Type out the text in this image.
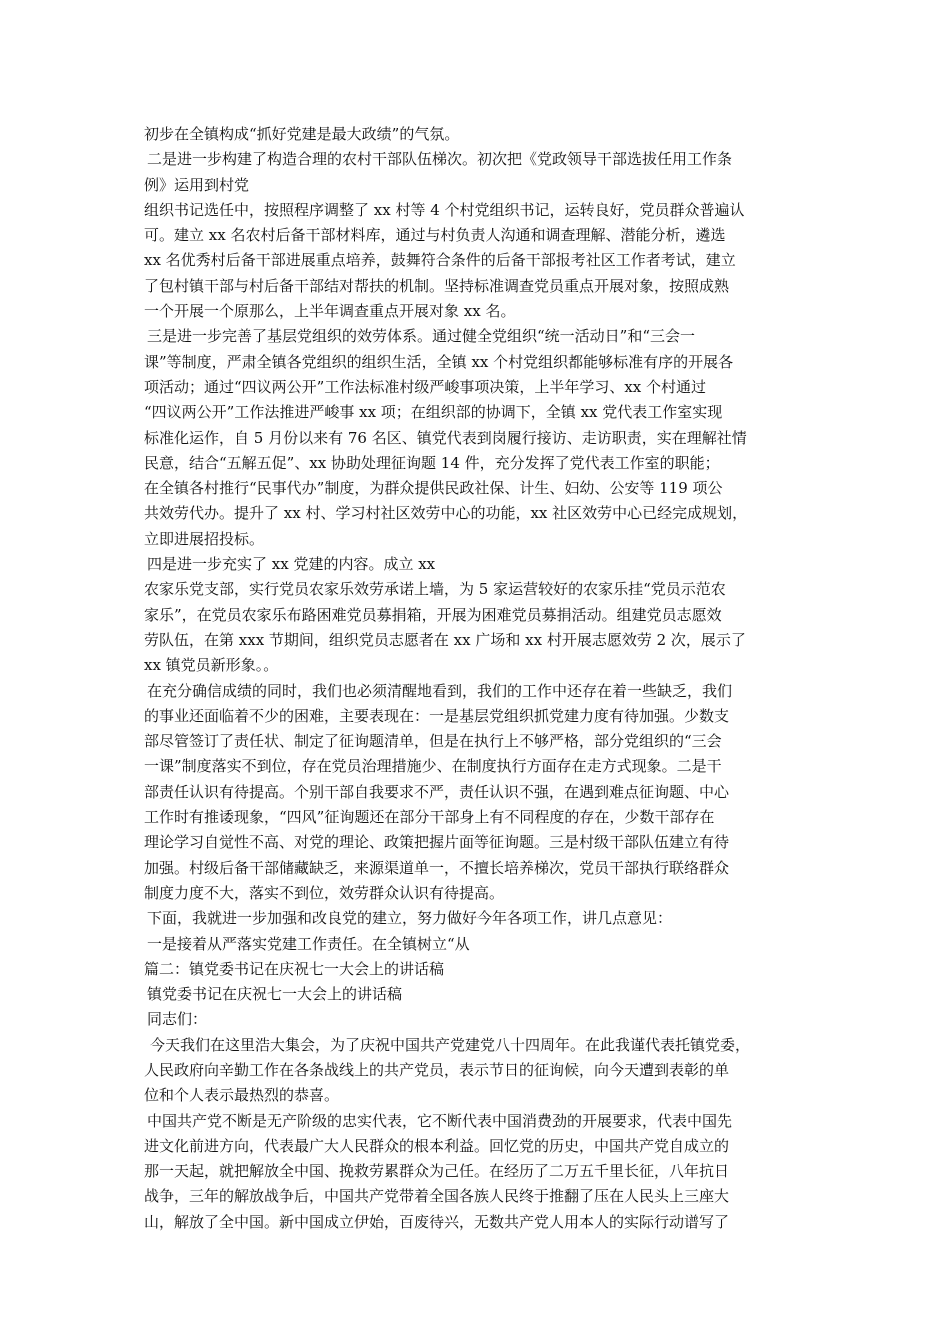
初步在全镇构成“抓好党建是最大政绩”的气氛。
二是进一步构建了构造合理的农村干部队伍梯次。初次把《党政领导干部选拔任用工作条
例》运用到村党
组织书记选任中，按照程序调整了 xx 村等 4 个村党组织书记，运转良好，党员群众普遍认
可。建立 xx 名农村后备干部材料库，通过与村负责人沟通和调查理解、潜能分析，遴选
xx 名优秀村后备干部进展重点培养，鼓舞符合条件的后备干部报考社区工作者考试，建立
了包村镇干部与村后备干部结对帮扶的机制。坚持标准调查党员重点开展对象，按照成熟
一个开展一个原那么，上半年调查重点开展对象 xx 名。
三是进一步完善了基层党组织的效劳体系。通过健全党组织“统一活动日”和“三会一
课”等制度，严肃全镇各党组织的组织生活，全镇 xx 个村党组织都能够标准有序的开展各
项活动；通过“四议两公开”工作法标准村级严峻事项决策，上半年学习、xx 个村通过
“四议两公开”工作法推进严峻事 xx 项；在组织部的协调下，全镇 xx 党代表工作室实现
标准化运作，自 5 月份以来有 76 名区、镇党代表到岗履行接访、走访职责，实在理解社情
民意，结合“五解五促”、xx 协助处理征询题 14 件，充分发挥了党代表工作室的职能；
在全镇各村推行“民事代办”制度，为群众提供民政社保、计生、妇幼、公安等 119 项公
共效劳代办。提升了 xx 村、学习村社区效劳中心的功能，xx 社区效劳中心已经完成规划，
立即进展招投标。
四是进一步充实了 xx 党建的内容。成立 xx
农家乐党支部，实行党员农家乐效劳承诺上墙，为 5 家运营较好的农家乐挂“党员示范农
家乐”，在党员农家乐布路困难党员募捐箱，开展为困难党员募捐活动。组建党员志愿效
劳队伍，在第 xxx 节期间，组织党员志愿者在 xx 广场和 xx 村开展志愿效劳 2 次，展示了
xx 镇党员新形象。。
在充分确信成绩的同时，我们也必须清醒地看到，我们的工作中还存在着一些缺乏，我们
的事业还面临着不少的困难，主要表现在：一是基层党组织抓党建力度有待加强。少数支
部尽管签订了责任状、制定了征询题清单，但是在执行上不够严格，部分党组织的“三会
一课”制度落实不到位，存在党员治理措施少、在制度执行方面存在走方式现象。二是干
部责任认识有待提高。个别干部自我要求不严，责任认识不强，在遇到难点征询题、中心
工作时有推诿现象，“四风”征询题还在部分干部身上有不同程度的存在，少数干部存在
理论学习自觉性不高、对党的理论、政策把握片面等征询题。三是村级干部队伍建立有待
加强。村级后备干部储藏缺乏，来源渠道单一，不擅长培养梯次，党员干部执行联络群众
制度力度不大，落实不到位，效劳群众认识有待提高。
下面，我就进一步加强和改良党的建立，努力做好今年各项工作，讲几点意见：
一是接着从严落实党建工作责任。在全镇树立“从
篇二：镇党委书记在庆祝七一大会上的讲话稿
镇党委书记在庆祝七一大会上的讲话稿
同志们：
今天我们在这里浩大集会，为了庆祝中国共产党建党八十四周年。在此我谨代表托镇党委，
人民政府向辛勤工作在各条战线上的共产党员，表示节日的征询候，向今天遭到表彰的单
位和个人表示最热烈的恭喜。
中国共产党不断是无产阶级的忠实代表，它不断代表中国消费劲的开展要求，代表中国先
进文化前进方向，代表最广大人民群众的根本利益。回忆党的历史，中国共产党自成立的
那一天起，就把解放全中国、挽救劳累群众为己任。在经历了二万五千里长征，八年抗日
战争，三年的解放战争后，中国共产党带着全国各族人民终于推翻了压在人民头上三座大
山，解放了全中国。新中国成立伊始，百废待兴，无数共产党人用本人的实际行动谱写了
